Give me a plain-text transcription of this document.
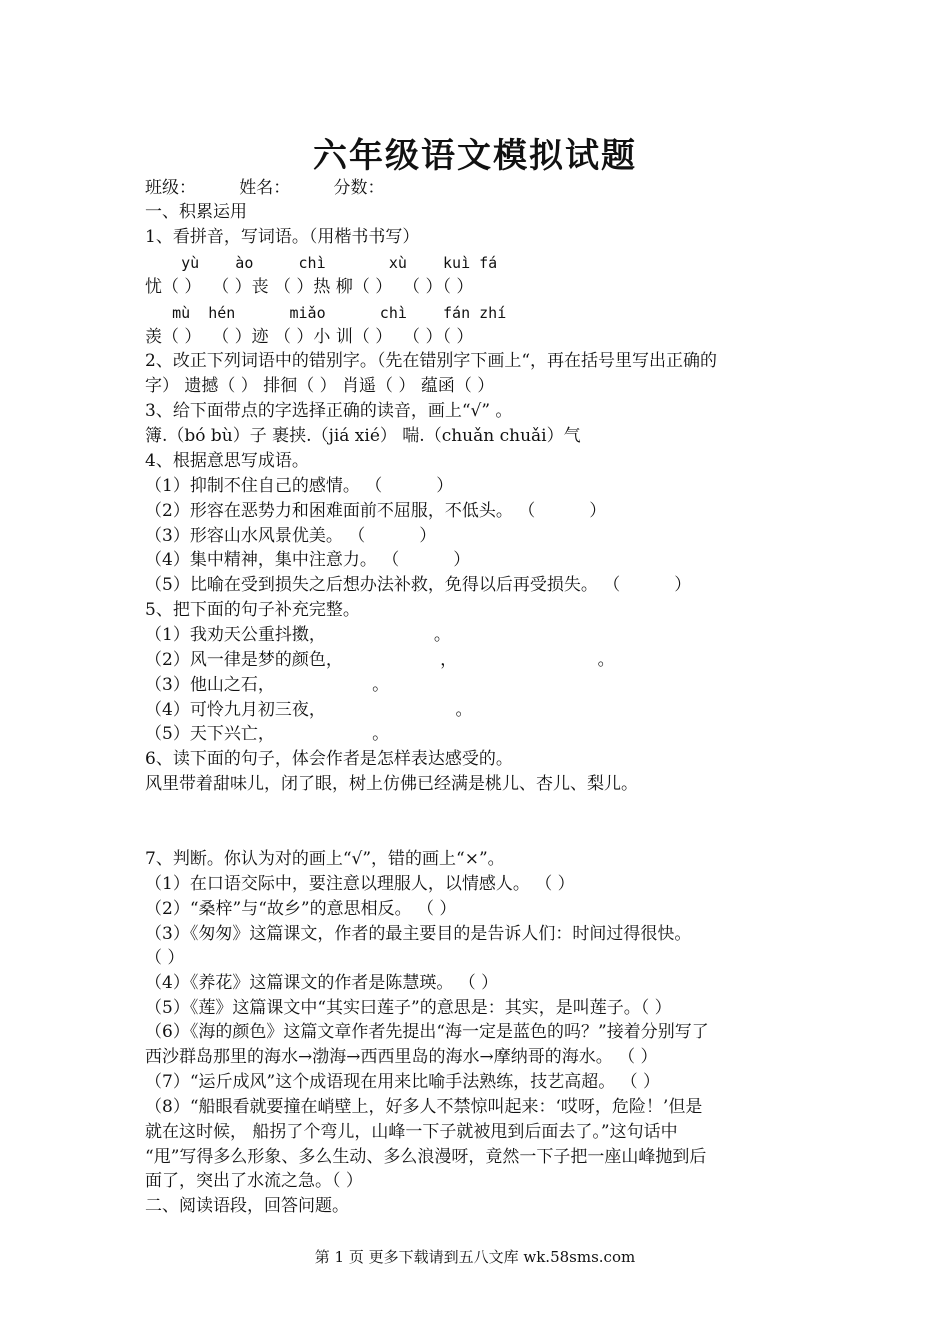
六年级语文模拟试题
班级：        姓名：        分数：
一、积累运用
1、看拼音，写词语。（用楷书书写）
yù    ào     chì       xù    kuì fá
忧（ ）  （ ）丧 （ ）热 柳（ ）  （ ）（ ）
mù  hén      miǎo      chì    fán zhí
羡（ ）  （ ）迹 （ ）小 训（ ）  （ ）（ ）
2、改正下列词语中的错别字。（先在错别字下画上“，再在括号里写出正确的
字） 遗撼（ ） 排徊（ ） 肖遥（ ） 蕴函（ ）
3、给下面带点的字选择正确的读音，画上“√” 。
簿.（bó bù）子 裹挟.（jiá xié） 喘.（chuǎn chuǎi）气
4、根据意思写成语。
（1）抑制不住自己的感情。 （          ）
（2）形容在恶势力和困难面前不屈服，不低头。 （          ）
（3）形容山水风景优美。 （          ）
（4）集中精神，集中注意力。 （          ）
（5）比喻在受到损失之后想办法补救，免得以后再受损失。 （          ）
5、把下面的句子补充完整。
（1）我劝天公重抖擞，                    。
（2）风一律是梦的颜色，                  ，                          。
（3）他山之石，                  。
（4）可怜九月初三夜，                        。
（5）天下兴亡，                  。
6、读下面的句子，体会作者是怎样表达感受的。
风里带着甜味儿，闭了眼，树上仿佛已经满是桃儿、杏儿、梨儿。
7、判断。你认为对的画上“√”，错的画上“×”。
（1）在口语交际中，要注意以理服人，以情感人。 （ ）
（2）“桑梓”与“故乡”的意思相反。 （ ）
（3）《匆匆》这篇课文，作者的最主要目的是告诉人们：时间过得很快。
（ ）
（4）《养花》这篇课文的作者是陈慧瑛。 （ ）
（5）《莲》这篇课文中“其实曰莲子”的意思是：其实，是叫莲子。（ ）
（6）《海的颜色》这篇文章作者先提出“海一定是蓝色的吗？”接着分别写了
西沙群岛那里的海水→渤海→西西里岛的海水→摩纳哥的海水。 （ ）
（7）“运斤成风”这个成语现在用来比喻手法熟练，技艺高超。 （ ）
（8）“船眼看就要撞在峭壁上，好多人不禁惊叫起来：‘哎呀，危险！’但是
就在这时候， 船拐了个弯儿，山峰一下子就被甩到后面去了。”这句话中
“甩”写得多么形象、多么生动、多么浪漫呀，竟然一下子把一座山峰抛到后
面了，突出了水流之急。（ ）
二、阅读语段，回答问题。
第 1 页 更多下载请到五八文库 wk.58sms.com
